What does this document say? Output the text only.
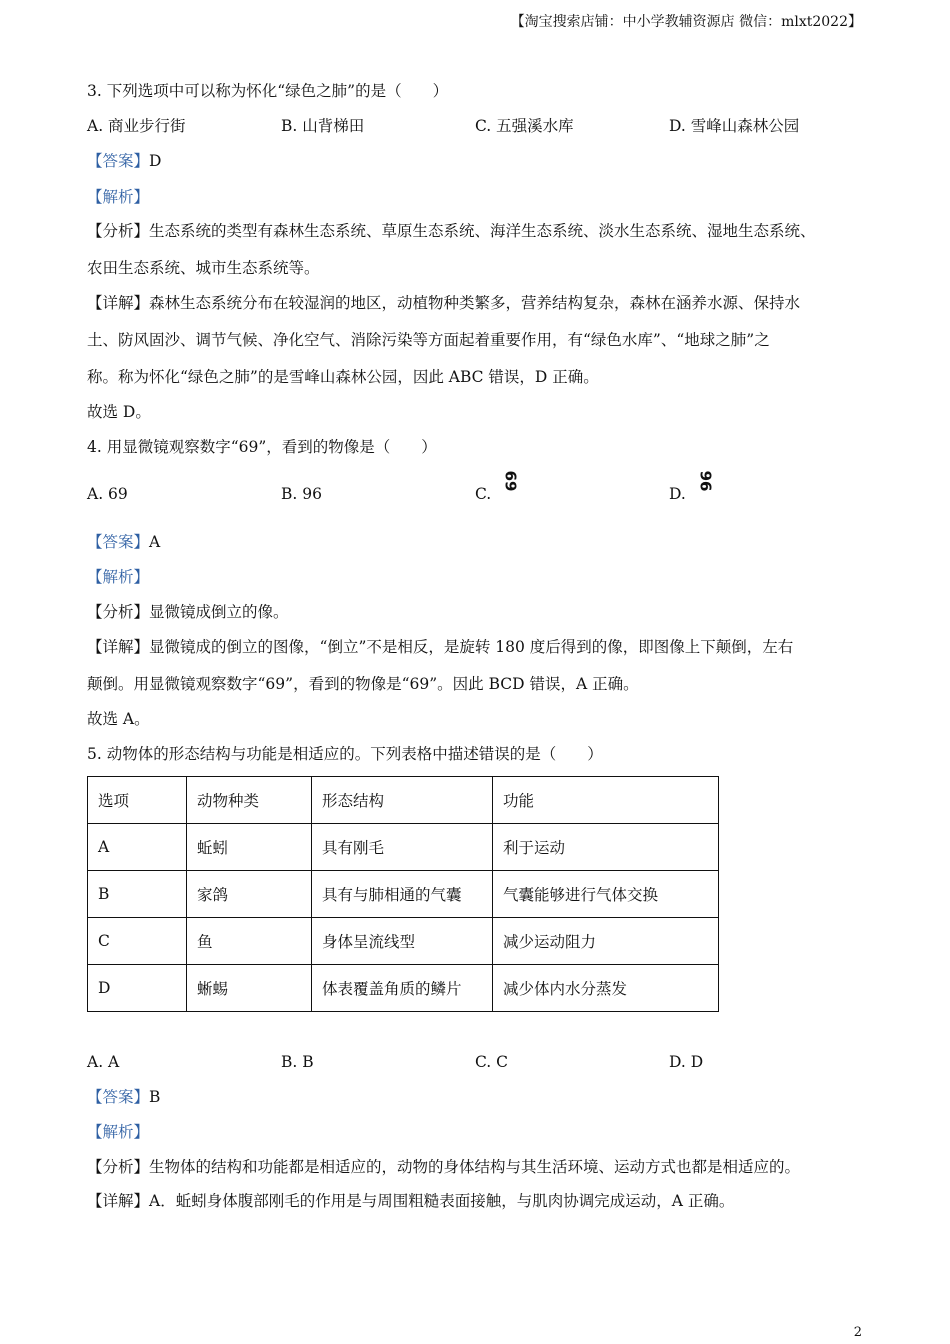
【淘宝搜索店铺：中小学教辅资源店 微信：mlxt2022】
3. 下列选项中可以称为怀化“绿色之肺”的是（　　）
A. 商业步行街	B. 山背梯田	C. 五强溪水库	D. 雪峰山森林公园
【答案】D
【解析】
【分析】生态系统的类型有森林生态系统、草原生态系统、海洋生态系统、淡水生态系统、湿地生态系统、
农田生态系统、城市生态系统等。
【详解】森林生态系统分布在较湿润的地区，动植物种类繁多，营养结构复杂，森林在涵养水源、保持水
土、防风固沙、调节气候、净化空气、消除污染等方面起着重要作用，有“绿色水库”、“地球之肺”之
称。称为怀化“绿色之肺”的是雪峰山森林公园，因此 ABC 错误，D 正确。
故选 D。
4. 用显微镜观察数字“69”，看到的物像是（　　）
A. 69	B. 96	C. 69
D. 96
【答案】A
【解析】
【分析】显微镜成倒立的像。
【详解】显微镜成的倒立的图像，“倒立”不是相反，是旋转 180 度后得到的像，即图像上下颠倒，左右
颠倒。用显微镜观察数字“69”，看到的物像是“69”。因此 BCD 错误，A 正确。
故选 A。
5. 动物体的形态结构与功能是相适应的。下列表格中描述错误的是（　　）
选项	动物种类	形态结构	功能
A	蚯蚓	具有刚毛	利于运动
B	家鸽	具有与肺相通的气囊	气囊能够进行气体交换
C	鱼	身体呈流线型	减少运动阻力
D	蜥蜴	体表覆盖角质的鳞片	减少体内水分蒸发
A. A	B. B	C. C	D. D
【答案】B
【解析】
【分析】生物体的结构和功能都是相适应的，动物的身体结构与其生活环境、运动方式也都是相适应的。
【详解】A．蚯蚓身体腹部刚毛的作用是与周围粗糙表面接触，与肌肉协调完成运动，A 正确。
2
